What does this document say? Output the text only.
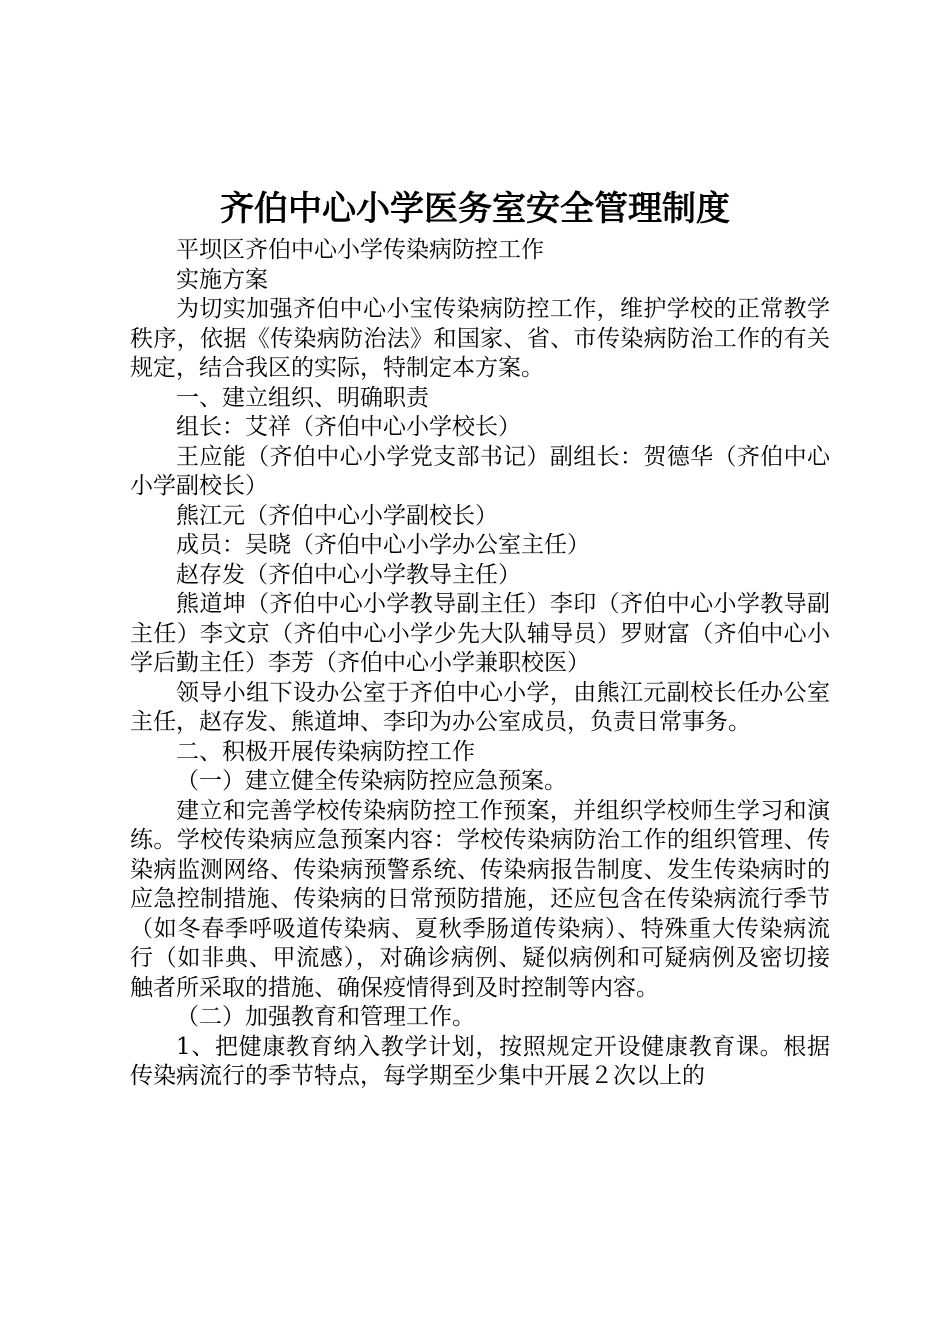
齐伯中心小学医务室安全管理制度

平坝区齐伯中心小学传染病防控工作

实施方案

为切实加强齐伯中心小宝传染病防控工作，维护学校的正常教学秩序，依据《传染病防治法》和国家、省、市传染病防治工作的有关规定，结合我区的实际，特制定本方案。

一、建立组织、明确职责

组长：艾祥（齐伯中心小学校长）

王应能（齐伯中心小学党支部书记）副组长：贺德华（齐伯中心小学副校长）

熊江元（齐伯中心小学副校长）

成员：吴晓（齐伯中心小学办公室主任）

赵存发（齐伯中心小学教导主任）

熊道坤（齐伯中心小学教导副主任）李印（齐伯中心小学教导副主任）李文京（齐伯中心小学少先大队辅导员）罗财富（齐伯中心小学后勤主任）李芳（齐伯中心小学兼职校医）

领导小组下设办公室于齐伯中心小学，由熊江元副校长任办公室主任，赵存发、熊道坤、李印为办公室成员，负责日常事务。

二、积极开展传染病防控工作

（一）建立健全传染病防控应急预案。

建立和完善学校传染病防控工作预案，并组织学校师生学习和演练。学校传染病应急预案内容：学校传染病防治工作的组织管理、传染病监测网络、传染病预警系统、传染病报告制度、发生传染病时的应急控制措施、传染病的日常预防措施，还应包含在传染病流行季节（如冬春季呼吸道传染病、夏秋季肠道传染病）、特殊重大传染病流行（如非典、甲流感），对确诊病例、疑似病例和可疑病例及密切接触者所采取的措施、确保疫情得到及时控制等内容。

（二）加强教育和管理工作。

1、把健康教育纳入教学计划，按照规定开设健康教育课。根据传染病流行的季节特点，每学期至少集中开展２次以上的
